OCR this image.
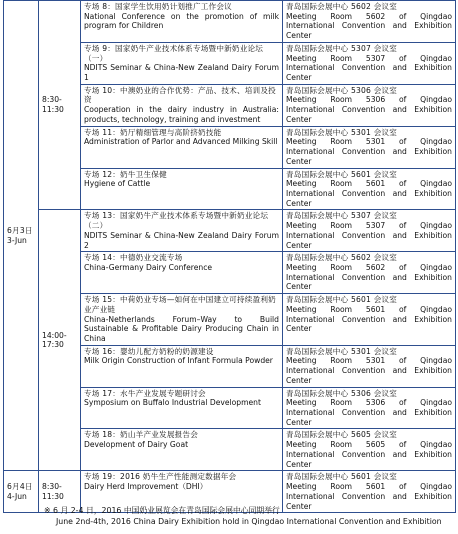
6月3日
3-Jun	8:30-11:30	专场 8：国家学生饮用奶计划推广工作会议
National Conference on the promotion of milk program for Children	青岛国际会展中心 5602 会议室
Meeting Room 5602 of Qingdao International Convention and Exhibition Center

		专场 9：国家奶牛产业技术体系专场暨中新奶业论坛（一）
NDITS Seminar & China-New Zealand Dairy Forum 1	青岛国际会展中心 5307 会议室
Meeting Room 5307 of Qingdao International Convention and Exhibition Center

		专场 10：中澳奶业的合作优势：产品、技术、培训及投资
Cooperation in the dairy industry in Australia: products, technology, training and investment	青岛国际会展中心 5306 会议室
Meeting Room 5306 of Qingdao International Convention and Exhibition Center

		专场 11：奶厅精细管理与高阶挤奶技能
Administration of Parlor and Advanced Milking Skill	青岛国际会展中心 5301 会议室
Meeting Room 5301 of Qingdao International Convention and Exhibition Center

		专场 12：奶牛卫生保健
Hygiene of Cattle	青岛国际会展中心 5601 会议室
Meeting Room 5601 of Qingdao International Convention and Exhibition Center

	14:00-17:30	专场 13：国家奶牛产业技术体系专场暨中新奶业论坛（二）
NDITS Seminar & China-New Zealand Dairy Forum 2	青岛国际会展中心 5307 会议室
Meeting Room 5307 of Qingdao International Convention and Exhibition Center

		专场 14：中德奶业交流专场
China-Germany Dairy Conference	青岛国际会展中心 5602 会议室
Meeting Room 5602 of Qingdao International Convention and Exhibition Center

		专场 15：中荷奶业专场—如何在中国建立可持续盈利奶业产业链
China-Netherlands Forum–Way to Build Sustainable & Profitable Dairy Producing Chain in China	青岛国际会展中心 5601 会议室
Meeting Room 5601 of Qingdao International Convention and Exhibition Center

		专场 16：婴幼儿配方奶粉的奶源建设
Milk Origin Construction of Infant Formula Powder	青岛国际会展中心 5301 会议室
Meeting Room 5301 of Qingdao International Convention and Exhibition Center

		专场 17：水牛产业发展专题研讨会
Symposium on Buffalo Industrial Development	青岛国际会展中心 5306 会议室
Meeting Room 5306 of Qingdao International Convention and Exhibition Center

		专场 18：奶山羊产业发展报告会
Development of Dairy Goat	青岛国际会展中心 5605 会议室
Meeting Room 5605 of Qingdao International Convention and Exhibition Center

6月4日
4-Jun	8:30-11:30	专场 19：2016 奶牛生产性能测定数据年会
Dairy Herd Improvement（DHI）	青岛国际会展中心 5601 会议室
Meeting Room 5601 of Qingdao International Convention and Exhibition Center
※ 6 月 2-4 日，2016 中国奶业展览会在青岛国际会展中心同期举行
June 2nd-4th, 2016 China Dairy Exhibition hold in Qingdao International Convention and Exhibition
